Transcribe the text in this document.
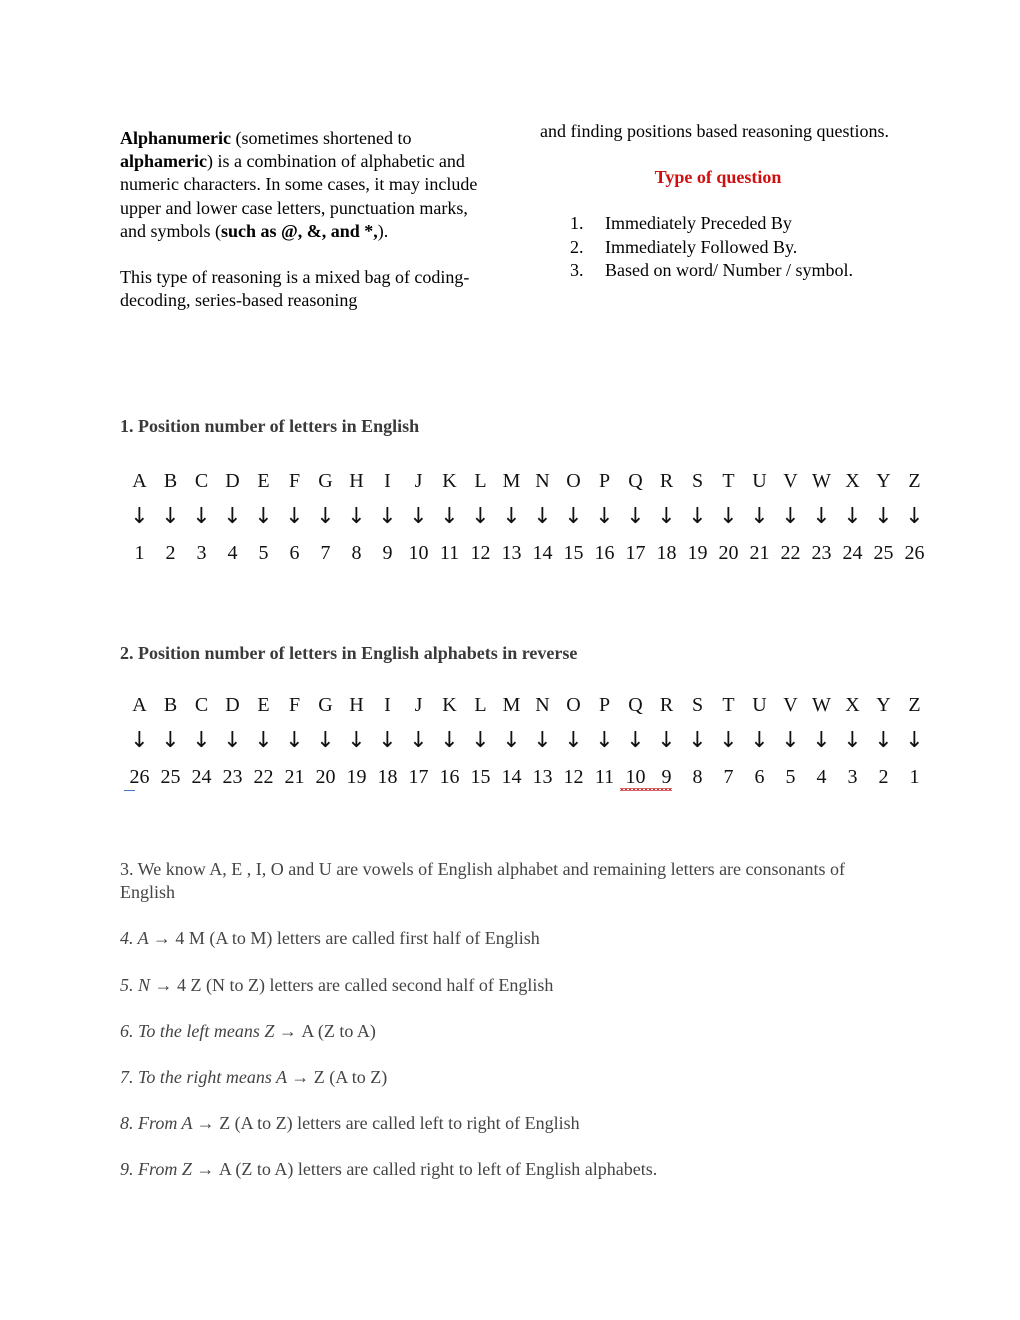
Alphanumeric (sometimes shortened to alphameric) is a combination of alphabetic and numeric characters. In some cases, it may include upper and lower case letters, punctuation marks, and symbols (such as @, &, and *,).

This type of reasoning is a mixed bag of coding-decoding, series-based reasoning

and finding positions based reasoning questions.

Type of question
1. Immediately Preceded By
2. Immediately Followed By.
3. Based on word/ Number / symbol.
1. Position number of letters in English
A
↓
1
B
↓
2
C
↓
3
D
↓
4
E
↓
5
F
↓
6
G
↓
7
H
↓
8
I
↓
9
J
↓
10
K
↓
11
L
↓
12
M
↓
13
N
↓
14
O
↓
15
P
↓
16
Q
↓
17
R
↓
18
S
↓
19
T
↓
20
U
↓
21
V
↓
22
W
↓
23
X
↓
24
Y
↓
25
Z
↓
26
2. Position number of letters in English alphabets in reverse
A
↓
26
B
↓
25
C
↓
24
D
↓
23
E
↓
22
F
↓
21
G
↓
20
H
↓
19
I
↓
18
J
↓
17
K
↓
16
L
↓
15
M
↓
14
N
↓
13
O
↓
12
P
↓
11
Q
↓
10
R
↓
9
S
↓
8
T
↓
7
U
↓
6
V
↓
5
W
↓
4
X
↓
3
Y
↓
2
Z
↓
1

3. We know A, E , I, O and U are vowels of English alphabet and remaining letters are consonants of English

4. A → 4 M (A to M) letters are called first half of English

5. N → 4 Z (N to Z) letters are called second half of English

6. To the left means Z → A (Z to A)

7. To the right means A → Z (A to Z)

8. From A → Z (A to Z) letters are called left to right of English

9. From Z → A (Z to A) letters are called right to left of English alphabets.
